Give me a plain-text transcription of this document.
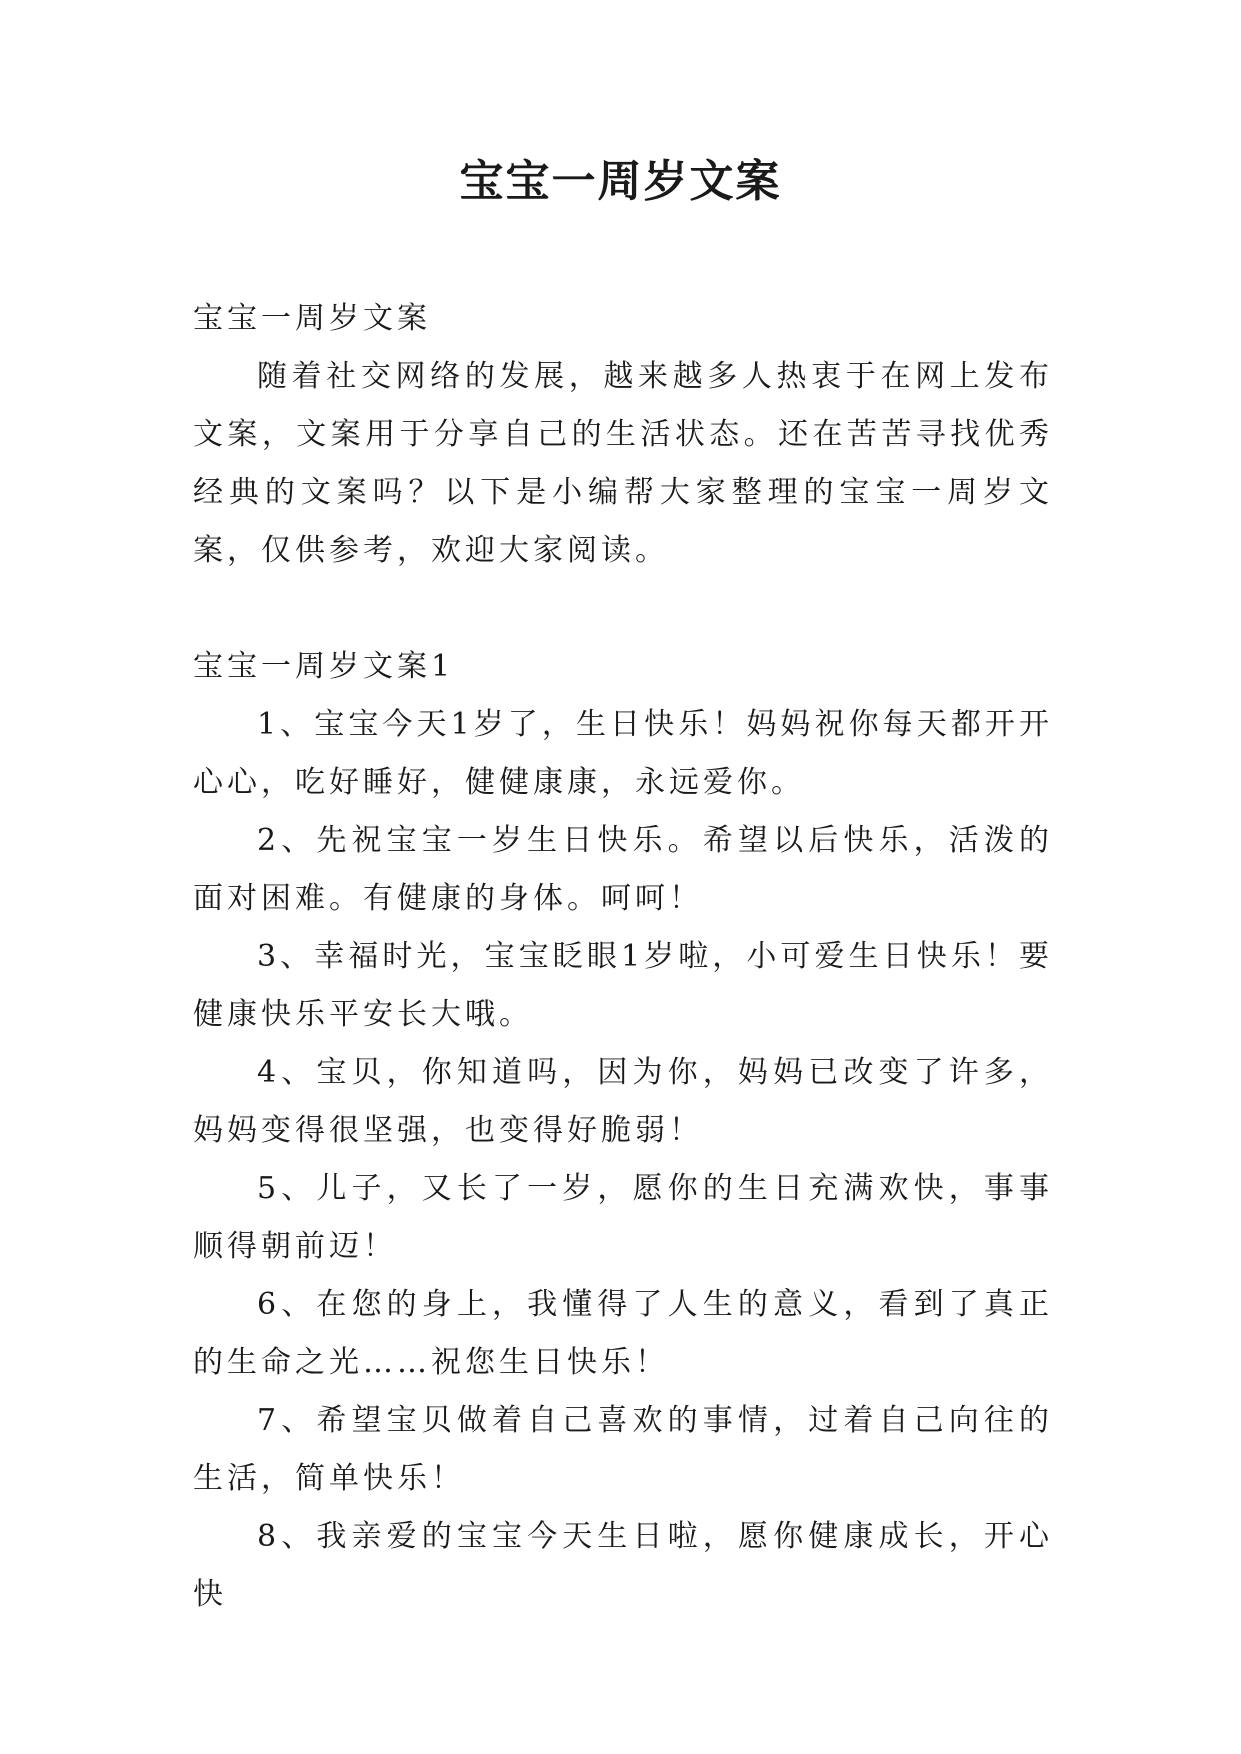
宝宝一周岁文案

宝宝一周岁文案

随着社交网络的发展，越来越多人热衷于在网上发布文案，文案用于分享自己的生活状态。还在苦苦寻找优秀经典的文案吗？以下是小编帮大家整理的宝宝一周岁文案，仅供参考，欢迎大家阅读。

宝宝一周岁文案1

1、宝宝今天1岁了，生日快乐！妈妈祝你每天都开开心心，吃好睡好，健健康康，永远爱你。

2、先祝宝宝一岁生日快乐。希望以后快乐，活泼的面对困难。有健康的身体。呵呵！

3、幸福时光，宝宝眨眼1岁啦，小可爱生日快乐！要健康快乐平安长大哦。

4、宝贝，你知道吗，因为你，妈妈已改变了许多，妈妈变得很坚强，也变得好脆弱！

5、儿子，又长了一岁，愿你的生日充满欢快，事事顺得朝前迈！

6、在您的身上，我懂得了人生的意义，看到了真正的生命之光……祝您生日快乐！

7、希望宝贝做着自己喜欢的事情，过着自己向往的生活，简单快乐！

8、我亲爱的宝宝今天生日啦，愿你健康成长，开心快
